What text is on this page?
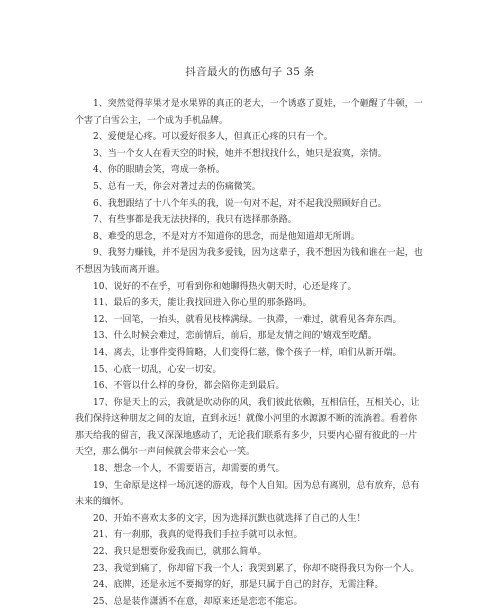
抖音最火的伤感句子 35 条

1、突然觉得苹果才是水果界的真正的老大，一个诱惑了夏娃，一个砸醒了牛顿，一个害了白雪公主，一个成为手机品牌。

2、爱便是心疼。可以爱好很多人，但真正心疼的只有一个。

3、当一个女人在看天空的时候，她并不想找找什么，她只是寂寞，亲情。

4、你的眼睛会笑，弯成一条桥。

5、总有一天，你会对著过去的伤痛微笑。

6、我想跟结了十八个年头的我，说一句对不起，对不起我没照顾好自己。

7、有些事都是我无法抉择的，我只有选择那条路。

8、难受的思念，不是对方不知道你的思念，而是他知道却无所谓。

9、我努力赚钱，并不是因为我多爱钱，因为这辈子，我不想因为钱和谁在一起，也不想因为钱而离开谁。

10、说好的不在乎，可看到你和她聊得热火朝天时，心还是疼了。

11、最后的多天，能让我找回进入你心里的那条路吗。

12、一回笔，一抬头，就看见枝棒满绿。一执滞，一难过，就看见各奔东西。

13、什么时候会难过，恋前情后，前后，那是友情之间的'嬉戏至吃醋。

14、离去，让事件变得简略，人们变得仁慈，像个孩子一样，咱们从新开端。

15、心底一切乱，心安一切安。

16、不管以什么样的身份，都会陪你走到最后。

17、你是天上的云，我就是吹动你的风，我们彼此依赖，互相信任，互相关心，让我们保持这种朋友之间的友谊，直到永远！就像小河里的水源源不断的流淌着。看着你那天给我的留言，我又深深地感动了，无论我们联系有多少，只要内心留有彼此的一片天空，那么偶尔一声问候就会带来会心一笑。

18、想念一个人，不需要语言，却需要的勇气。

19、生命原是这样一场沉迷的游戏，每个人自知。因为总有离别，总有放弃，总有未来的缅怀。

20、开始不喜欢太多的文字，因为选择沉默也就选择了自己的人生！

21、有一刹那，我真的觉得我们手拉手就可以永恒。

22、我只是想要你爱我而已，就那么简单。

23、我觉到痛了，你却留下我一个人；我哭到累了，你却不晓得我只为你一个人。

24、底牌，还是永远不要揭穿的好，那是只属于自己的封存，无需注释。

25、总是装作潇洒不在意，却原来还是恋恋不能忘。
